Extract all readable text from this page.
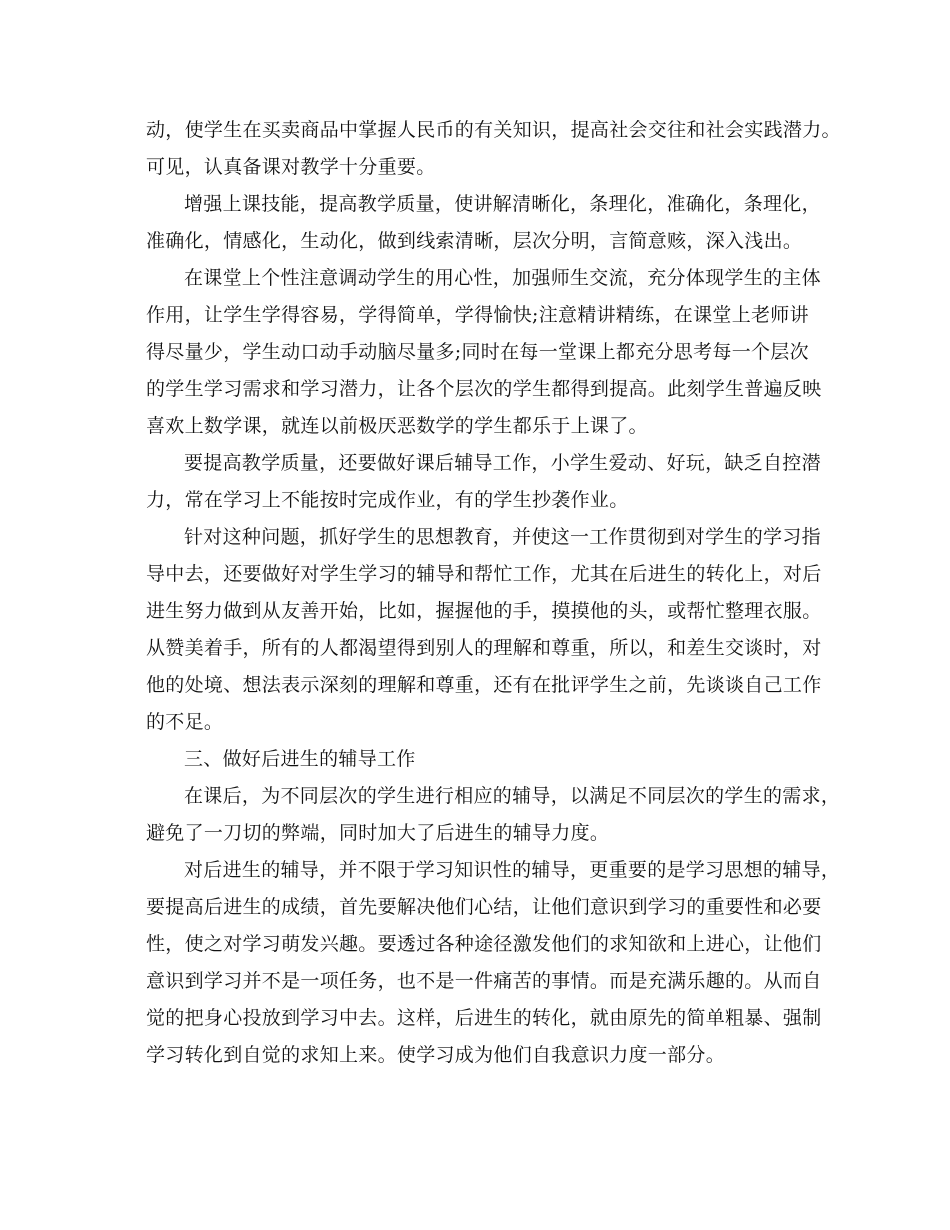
动，使学生在买卖商品中掌握人民币的有关知识，提高社会交往和社会实践潜力。
可见，认真备课对教学十分重要。
增强上课技能，提高教学质量，使讲解清晰化，条理化，准确化，条理化，
准确化，情感化，生动化，做到线索清晰，层次分明，言简意赅，深入浅出。
在课堂上个性注意调动学生的用心性，加强师生交流，充分体现学生的主体
作用，让学生学得容易，学得简单，学得愉快;注意精讲精练，在课堂上老师讲
得尽量少，学生动口动手动脑尽量多;同时在每一堂课上都充分思考每一个层次
的学生学习需求和学习潜力，让各个层次的学生都得到提高。此刻学生普遍反映
喜欢上数学课，就连以前极厌恶数学的学生都乐于上课了。
要提高教学质量，还要做好课后辅导工作，小学生爱动、好玩，缺乏自控潜
力，常在学习上不能按时完成作业，有的学生抄袭作业。
针对这种问题，抓好学生的思想教育，并使这一工作贯彻到对学生的学习指
导中去，还要做好对学生学习的辅导和帮忙工作，尤其在后进生的转化上，对后
进生努力做到从友善开始，比如，握握他的手，摸摸他的头，或帮忙整理衣服。
从赞美着手，所有的人都渴望得到别人的理解和尊重，所以，和差生交谈时，对
他的处境、想法表示深刻的理解和尊重，还有在批评学生之前，先谈谈自己工作
的不足。
三、做好后进生的辅导工作
在课后，为不同层次的学生进行相应的辅导，以满足不同层次的学生的需求，
避免了一刀切的弊端，同时加大了后进生的辅导力度。
对后进生的辅导，并不限于学习知识性的辅导，更重要的是学习思想的辅导，
要提高后进生的成绩，首先要解决他们心结，让他们意识到学习的重要性和必要
性，使之对学习萌发兴趣。要透过各种途径激发他们的求知欲和上进心，让他们
意识到学习并不是一项任务，也不是一件痛苦的事情。而是充满乐趣的。从而自
觉的把身心投放到学习中去。这样，后进生的转化，就由原先的简单粗暴、强制
学习转化到自觉的求知上来。使学习成为他们自我意识力度一部分。
